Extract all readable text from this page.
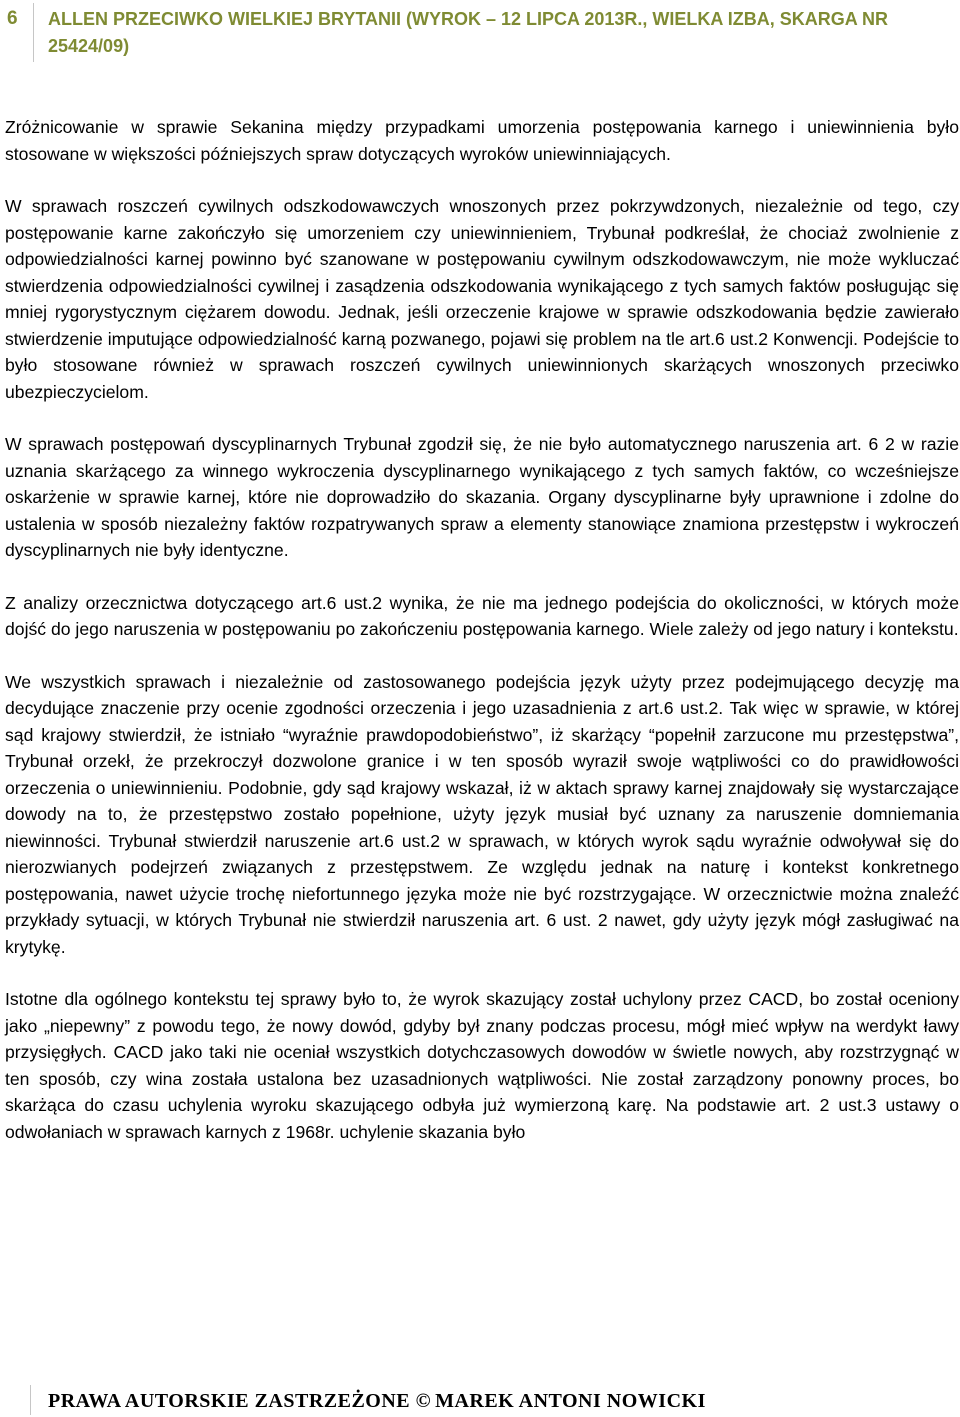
6 ALLEN PRZECIWKO WIELKIEJ BRYTANII (WYROK – 12 LIPCA 2013R., WIELKA IZBA, SKARGA NR 25424/09)

Zróżnicowanie w sprawie Sekanina między przypadkami umorzenia postępowania karnego i uniewinnienia było stosowane w większości późniejszych spraw dotyczących wyroków uniewinniających.

W sprawach roszczeń cywilnych odszkodowawczych wnoszonych przez pokrzywdzonych, niezależnie od tego, czy postępowanie karne zakończyło się umorzeniem czy uniewinnieniem, Trybunał podkreślał, że chociaż zwolnienie z odpowiedzialności karnej powinno być szanowane w postępowaniu cywilnym odszkodowawczym, nie może wykluczać stwierdzenia odpowiedzialności cywilnej i zasądzenia odszkodowania wynikającego z tych samych faktów posługując się mniej rygorystycznym ciężarem dowodu. Jednak, jeśli orzeczenie krajowe w sprawie odszkodowania będzie zawierało stwierdzenie imputujące odpowiedzialność karną pozwanego, pojawi się problem na tle art.6 ust.2 Konwencji. Podejście to było stosowane również w sprawach roszczeń cywilnych uniewinnionych skarżących wnoszonych przeciwko ubezpieczycielom.

W sprawach postępowań dyscyplinarnych Trybunał zgodził się, że nie było automatycznego naruszenia art. 6 2 w razie uznania skarżącego za winnego wykroczenia dyscyplinarnego wynikającego z tych samych faktów, co wcześniejsze oskarżenie w sprawie karnej, które nie doprowadziło do skazania. Organy dyscyplinarne były uprawnione i zdolne do ustalenia w sposób niezależny faktów rozpatrywanych spraw a elementy stanowiące znamiona przestępstw i wykroczeń dyscyplinarnych nie były identyczne.

Z analizy orzecznictwa dotyczącego art.6 ust.2 wynika, że nie ma jednego podejścia do okoliczności, w których może dojść do jego naruszenia w postępowaniu po zakończeniu postępowania karnego. Wiele zależy od jego natury i kontekstu.

We wszystkich sprawach i niezależnie od zastosowanego podejścia język użyty przez podejmującego decyzję ma decydujące znaczenie przy ocenie zgodności orzeczenia i jego uzasadnienia z art.6 ust.2. Tak więc w sprawie, w której sąd krajowy stwierdził, że istniało “wyraźnie prawdopodobieństwo”, iż skarżący “popełnił zarzucone mu przestępstwa”, Trybunał orzekł, że przekroczył dozwolone granice i w ten sposób wyraził swoje wątpliwości co do prawidłowości orzeczenia o uniewinnieniu. Podobnie, gdy sąd krajowy wskazał, iż w aktach sprawy karnej znajdowały się wystarczające dowody na to, że przestępstwo zostało popełnione, użyty język musiał być uznany za naruszenie domniemania niewinności. Trybunał stwierdził naruszenie art.6 ust.2 w sprawach, w których wyrok sądu wyraźnie odwoływał się do nierozwianych podejrzeń związanych z przestępstwem. Ze względu jednak na naturę i kontekst konkretnego postępowania, nawet użycie trochę niefortunnego języka może nie być rozstrzygające. W orzecznictwie można znaleźć przykłady sytuacji, w których Trybunał nie stwierdził naruszenia art. 6 ust. 2 nawet, gdy użyty język mógł zasługiwać na krytykę.

Istotne dla ogólnego kontekstu tej sprawy było to, że wyrok skazujący został uchylony przez CACD, bo został oceniony jako „niepewny” z powodu tego, że nowy dowód, gdyby był znany podczas procesu, mógł mieć wpływ na werdykt ławy przysięgłych. CACD jako taki nie oceniał wszystkich dotychczasowych dowodów w świetle nowych, aby rozstrzygnąć w ten sposób, czy wina została ustalona bez uzasadnionych wątpliwości. Nie został zarządzony ponowny proces, bo skarżąca do czasu uchylenia wyroku skazującego odbyła już wymierzoną karę. Na podstawie art. 2 ust.3 ustawy o odwołaniach w sprawach karnych z 1968r. uchylenie skazania było

PRAWA AUTORSKIE ZASTRZEŻONE © MAREK ANTONI NOWICKI
